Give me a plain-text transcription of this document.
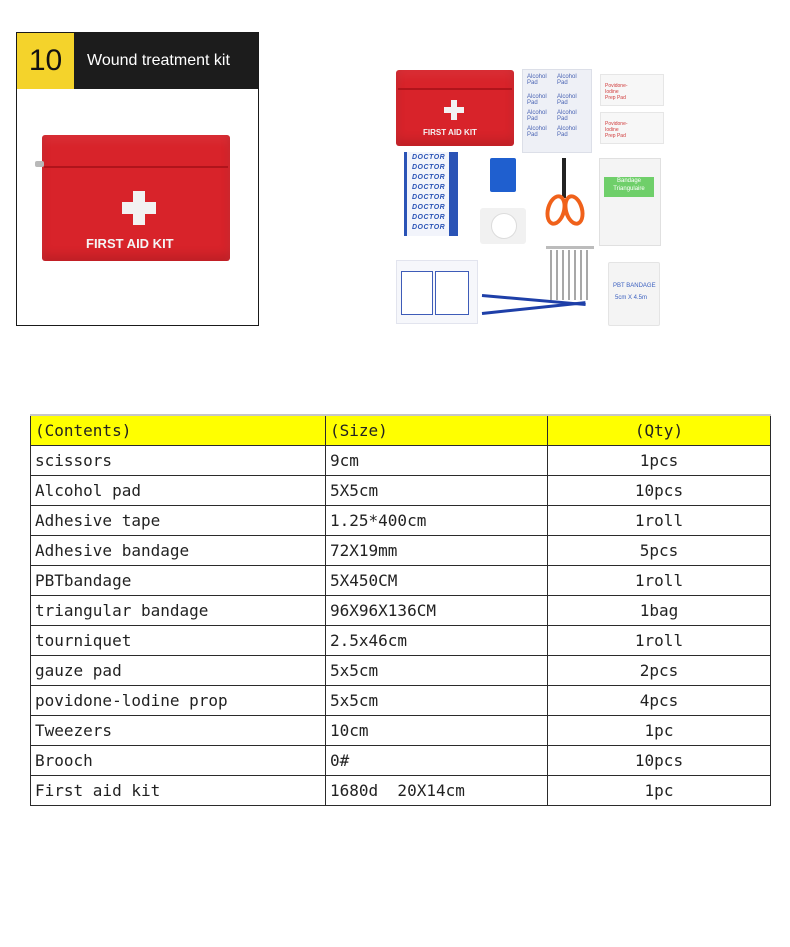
10	Wound treatment kit
FIRST AID KIT
FIRST AID KIT
Alcohol Pad
Alcohol Pad
Alcohol Pad
Alcohol Pad
Alcohol Pad
Alcohol Pad
Alcohol Pad
Alcohol Pad
Povidone-Iodine Prep Pad
Povidone-Iodine Prep Pad
DOCTOR
DOCTOR
DOCTOR
DOCTOR
DOCTOR
DOCTOR
DOCTOR
DOCTOR
Bandage Triangulaire
PBT BANDAGE
5cm X 4.5m
(Contents)	(Size)	(Qty)
scissors	9cm	1pcs
Alcohol pad	5X5cm	10pcs
Adhesive tape	1.25*400cm	1roll
Adhesive bandage	72X19mm	5pcs
PBTbandage	5X450CM	1roll
triangular bandage	96X96X136CM	1bag
tourniquet	2.5x46cm	1roll
gauze pad	5x5cm	2pcs
povidone-lodine prop	5x5cm	4pcs
Tweezers	10cm	1pc
Brooch	0#	10pcs
First aid kit	1680d  20X14cm	1pc
